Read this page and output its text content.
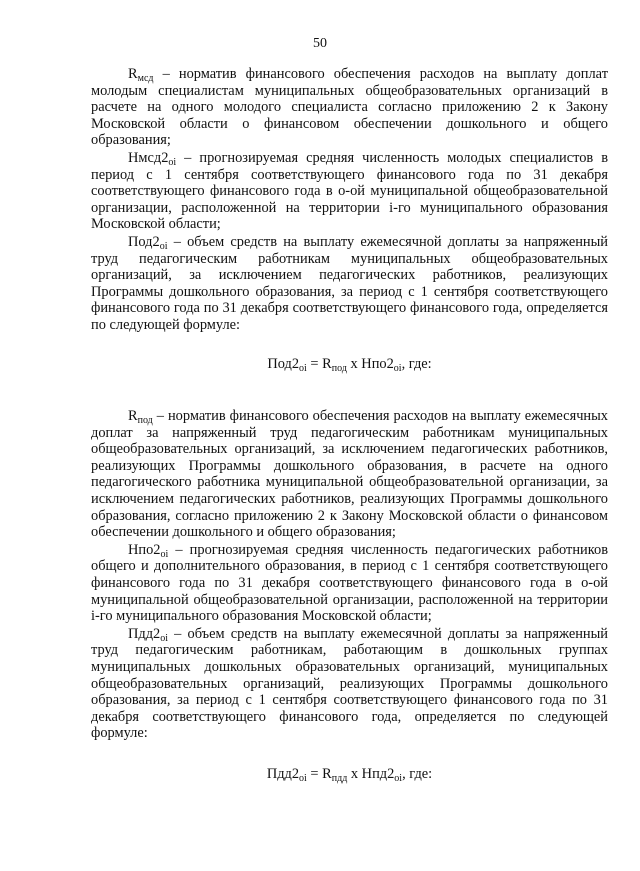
50

$R_{мсд}$ – норматив финансового обеспечения расходов на выплату доплат молодым специалистам муниципальных общеобразовательных организаций в расчете на одного молодого специалиста согласно приложению 2 к Закону Московской области о финансовом обеспечении дошкольного и общего образования;

$Нмсд2_{oi}$ – прогнозируемая средняя численность молодых специалистов в период с 1 сентября соответствующего финансового года по 31 декабря соответствующего финансового года в о-ой муниципальной общеобразовательной организации, расположенной на территории i-го муниципального образования Московской области;

$Под2_{oi}$ – объем средств на выплату ежемесячной доплаты за напряженный труд педагогическим работникам муниципальных общеобразовательных организаций, за исключением педагогических работников, реализующих Программы дошкольного образования, за период с 1 сентября соответствующего финансового года по 31 декабря соответствующего финансового года, определяется по следующей формуле:

$Под2_{oi} = R_{под}$ x $Нпо2_{oi}$, где:

$R_{под}$ – норматив финансового обеспечения расходов на выплату ежемесячных доплат за напряженный труд педагогическим работникам муниципальных общеобразовательных организаций, за исключением педагогических работников, реализующих Программы дошкольного образования, в расчете на одного педагогического работника муниципальной общеобразовательной организации, за исключением педагогических работников, реализующих Программы дошкольного образования, согласно приложению 2 к Закону Московской области о финансовом обеспечении дошкольного и общего образования;

$Нпо2_{oi}$ – прогнозируемая средняя численность педагогических работников общего и дополнительного образования, в период с 1 сентября соответствующего финансового года по 31 декабря соответствующего финансового года в о-ой муниципальной общеобразовательной организации, расположенной на территории i-го муниципального образования Московской области;

$Пдд2_{oi}$ – объем средств на выплату ежемесячной доплаты за напряженный труд педагогическим работникам, работающим в дошкольных группах муниципальных дошкольных образовательных организаций, муниципальных общеобразовательных организаций, реализующих Программы дошкольного образования, за период с 1 сентября соответствующего финансового года по 31 декабря соответствующего финансового года, определяется по следующей формуле:

$Пдд2_{oi} = R_{пдд}$ x $Нпд2_{oi}$, где:
